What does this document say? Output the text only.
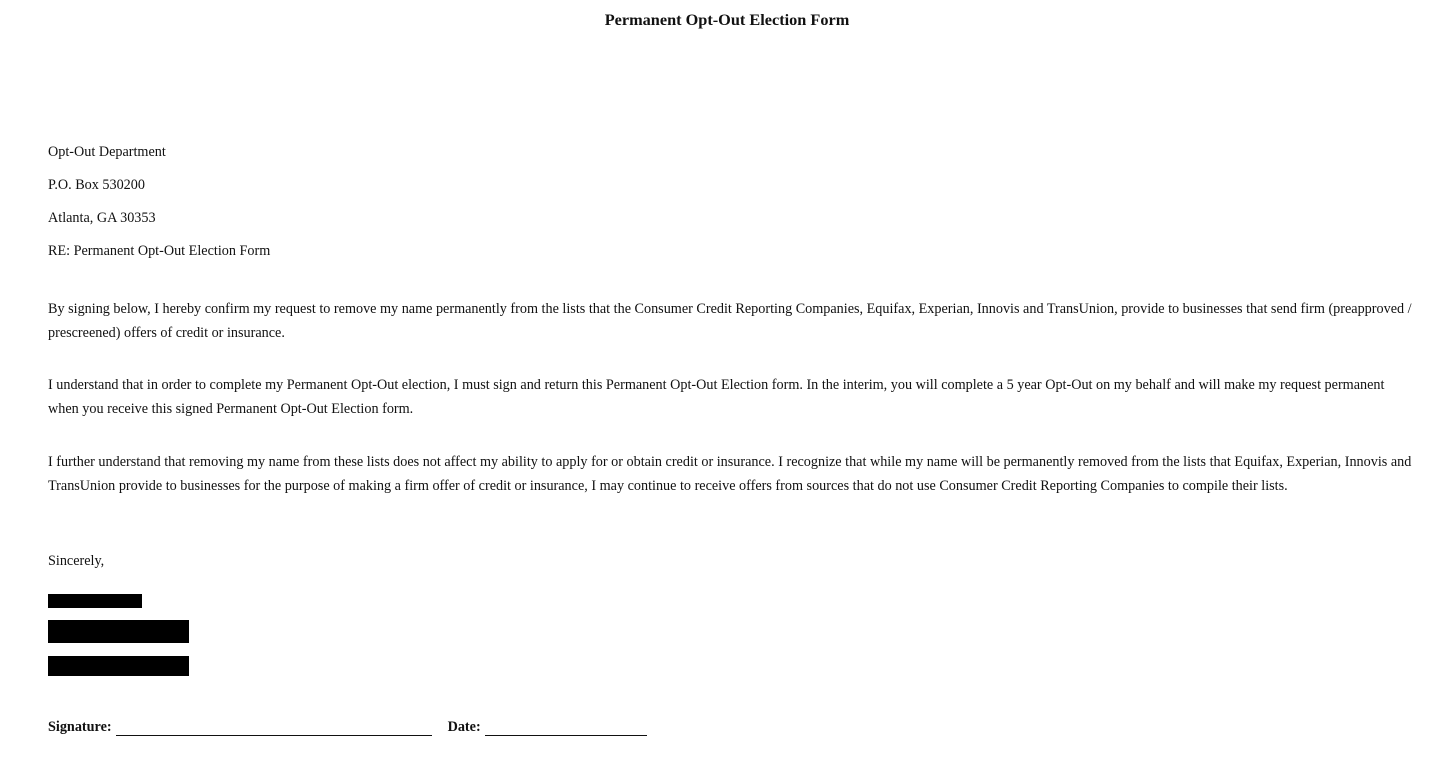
Permanent Opt-Out Election Form
Opt-Out Department
P.O. Box 530200
Atlanta, GA 30353
RE: Permanent Opt-Out Election Form

By signing below, I hereby confirm my request to remove my name permanently from the lists that the Consumer Credit Reporting Companies, Equifax, Experian, Innovis and TransUnion, provide to businesses that send firm (preapproved / prescreened) offers of credit or insurance.

I understand that in order to complete my Permanent Opt-Out election, I must sign and return this Permanent Opt-Out Election form. In the interim, you will complete a 5 year Opt-Out on my behalf and will make my request permanent when you receive this signed Permanent Opt-Out Election form.

I further understand that removing my name from these lists does not affect my ability to apply for or obtain credit or insurance. I recognize that while my name will be permanently removed from the lists that Equifax, Experian, Innovis and TransUnion provide to businesses for the purpose of making a firm offer of credit or insurance, I may continue to receive offers from sources that do not use Consumer Credit Reporting Companies to compile their lists.

Sincerely,
Signature:	Date:
